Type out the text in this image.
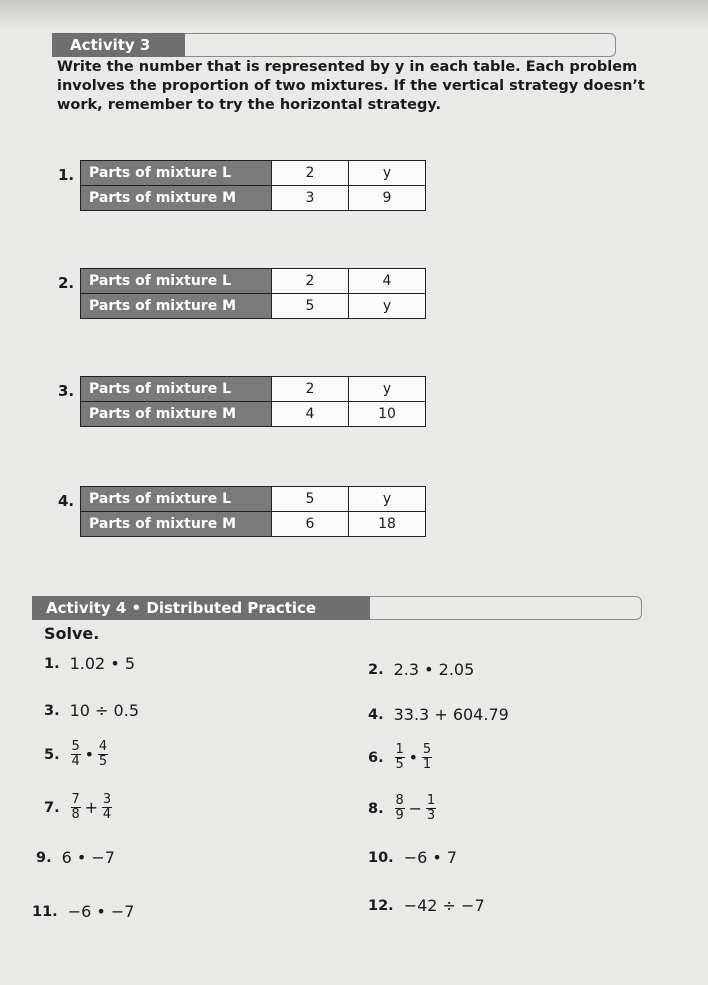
Activity 3
Write the number that is represented by y in each table. Each problem involves the proportion of two mixtures. If the vertical strategy doesn’t work, remember to try the horizontal strategy.
1.	Parts of mixture L	2	y
Parts of mixture M	3	9
2.	Parts of mixture L	2	4
Parts of mixture M	5	y
3.	Parts of mixture L	2	y
Parts of mixture M	4	10
4.	Parts of mixture L	5	y
Parts of mixture M	6	18
Activity 4 • Distributed Practice
Solve.
1. 1.02 • 5	2. 2.3 • 2.05
3. 10 ÷ 0.5	4. 33.3 + 604.79
5. $\frac{5}{4}$ • $\frac{4}{5}$	6. $\frac{1}{5}$ • $\frac{5}{1}$
7. $\frac{7}{8} + \frac{3}{4}$	8. $\frac{8}{9} - \frac{1}{3}$
9. 6 • −7	10. −6 • 7
11. −6 • −7	12. −42 ÷ −7
